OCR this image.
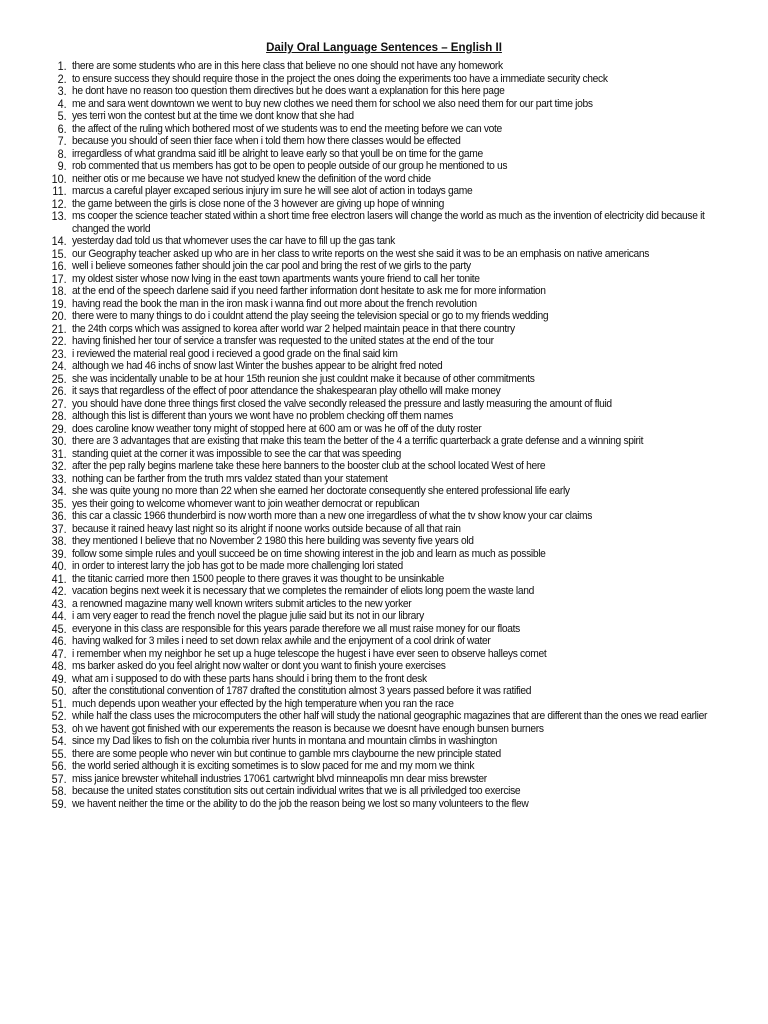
Daily Oral Language Sentences – English II
1. there are some students who are in this here class that believe no one should not have any homework
2. to ensure success they should require those in the project the ones doing the experiments too have a immediate security check
3. he dont have no reason too question them directives but he does want a explanation for this here page
4. me and sara went downtown we went to buy new clothes we need them for school we also need them for our part time jobs
5. yes terri won the contest but at the time we dont know that she had
6. the affect of the ruling which bothered most of we students was to end the meeting before we can vote
7. because you should of seen thier face when i told them how there classes would be effected
8. irregardless of what grandma said itll be alright to leave early so that youll be on time for the game
9. rob commented that us members has got to be open to people outside of our group he mentioned to us
10. neither otis or me because we have not studyed knew the definition of the word chide
11. marcus a careful player excaped serious injury im sure he will see alot of action in todays game
12. the game between the girls is close none of the 3 however are giving up hope of winning
13. ms cooper the science teacher stated within a short time free electron lasers will change the world as much as the invention of electricity did because it changed the world
14. yesterday dad told us that whomever uses the car have to fill up the gas tank
15. our Geography teacher asked up who are in her class to write reports on the west she said it was to be an emphasis on native americans
16. well i believe someones father should join the car pool and bring the rest of we girls to the party
17. my oldest sister whose now lving in the east town apartments wants youre friend to call her tonite
18. at the end of the speech darlene said if you need farther information dont hesitate to ask me for more information
19. having read the book the man in the iron mask i wanna find out more about the french revolution
20. there were to many things to do i couldnt attend the play seeing the television special or go to my friends wedding
21. the 24th corps which was assigned to korea after world war 2 helped maintain peace in that there country
22. having finished her tour of service a transfer was requested to the united states at the end of the tour
23. i reviewed the material real good i recieved a good grade on the final said kim
24. although we had 46 inchs of snow last Winter the bushes appear to be alright fred noted
25. she was incidentally unable to be at hour 15th reunion she just couldnt make it because of other commitments
26. it says that regardless of the effect of poor attendance the shakespearan play othello will make money
27. you should have done three things first closed the valve secondly released the pressure and lastly measuring the amount of fluid
28. although this list is different than yours we wont have no problem checking off them names
29. does caroline know weather tony might of stopped here at 600 am or was he off of the duty roster
30. there are 3 advantages that are existing that make this team the better of the 4 a terrific quarterback a grate defense and a winning spirit
31. standing quiet at the corner it was impossible to see the car that was speeding
32. after the pep rally begins marlene take these here banners to the booster club at the school located West of here
33. nothing can be farther from the truth mrs valdez stated than your statement
34. she was quite young no more than 22 when she earned her doctorate consequently she entered professional life early
35. yes their going to welcome whomever want to join weather democrat or republican
36. this car a classic 1966 thunderbird is now worth more than a new one irregardless of what the tv show know your car claims
37. because it rained heavy last night so its alright if noone works outside because of all that rain
38. they mentioned I believe that no November 2 1980 this here building was seventy five years old
39. follow some simple rules and youll succeed be on time showing interest in the job and learn as much as possible
40. in order to interest larry the job has got to be made more challenging lori stated
41. the titanic carried more then 1500 people to there graves it was thought to be unsinkable
42. vacation begins next week it is necessary that we completes the remainder of eliots long poem the waste land
43. a renowned magazine many well known writers submit articles to the new yorker
44. i am very eager to read the french novel the plague julie said but its not in our library
45. everyone in this class are responsible for this years parade therefore we all must raise money for our floats
46. having walked for 3 miles i need to set down relax awhile and the enjoyment of a cool drink of water
47. i remember when my neighbor he set up a huge telescope the hugest i have ever seen to observe halleys comet
48. ms barker asked do you feel alright now walter or dont you want to finish youre exercises
49. what am i supposed to do with these parts hans should i bring them to the front desk
50. after the constitutional convention of 1787 drafted the constitution almost 3 years passed before it was ratified
51. much depends upon weather your effected by the high temperature when you ran the race
52. while half the class uses the microcomputers the other half will study the national geographic magazines that are different than the ones we read earlier
53. oh we havent got finished with our experements the reason is because we doesnt have enough bunsen burners
54. since my Dad likes to fish on the columbia river hunts in montana and mountain climbs in washington
55. there are some people who never win but continue to gamble mrs claybourne the new principle stated
56. the world seried although it is exciting sometimes is to slow paced for me and my mom we think
57. miss janice brewster whitehall industries 17061 cartwright blvd minneapolis mn dear miss brewster
58. because the united states constitution sits out certain individual writes that we is all priviledged too exercise
59. we havent neither the time or the ability to do the job the reason being we lost so many volunteers to the flew
